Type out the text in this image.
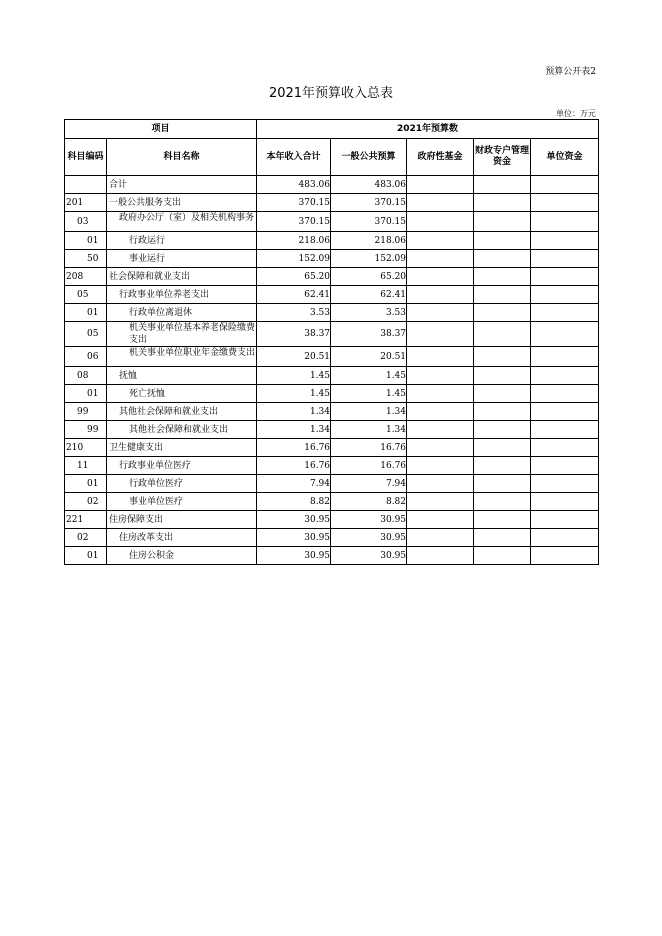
预算公开表2
2021年预算收入总表
单位：万元
项目		2021年预算数				
科目编码	科目名称	本年收入合计	一般公共预算	政府性基金	财政专户管理资金	单位资金
	合计	483.06	483.06			
201	一般公共服务支出	370.15	370.15			
03	政府办公厅（室）及相关机构事务	370.15	370.15			
01	行政运行	218.06	218.06			
50	事业运行	152.09	152.09			
208	社会保障和就业支出	65.20	65.20			
05	行政事业单位养老支出	62.41	62.41			
01	行政单位离退休	3.53	3.53			
05	机关事业单位基本养老保险缴费支出	38.37	38.37			
06	机关事业单位职业年金缴费支出	20.51	20.51			
08	抚恤	1.45	1.45			
01	死亡抚恤	1.45	1.45			
99	其他社会保障和就业支出	1.34	1.34			
99	其他社会保障和就业支出	1.34	1.34			
210	卫生健康支出	16.76	16.76			
11	行政事业单位医疗	16.76	16.76			
01	行政单位医疗	7.94	7.94			
02	事业单位医疗	8.82	8.82			
221	住房保障支出	30.95	30.95			
02	住房改革支出	30.95	30.95			
01	住房公积金	30.95	30.95			
